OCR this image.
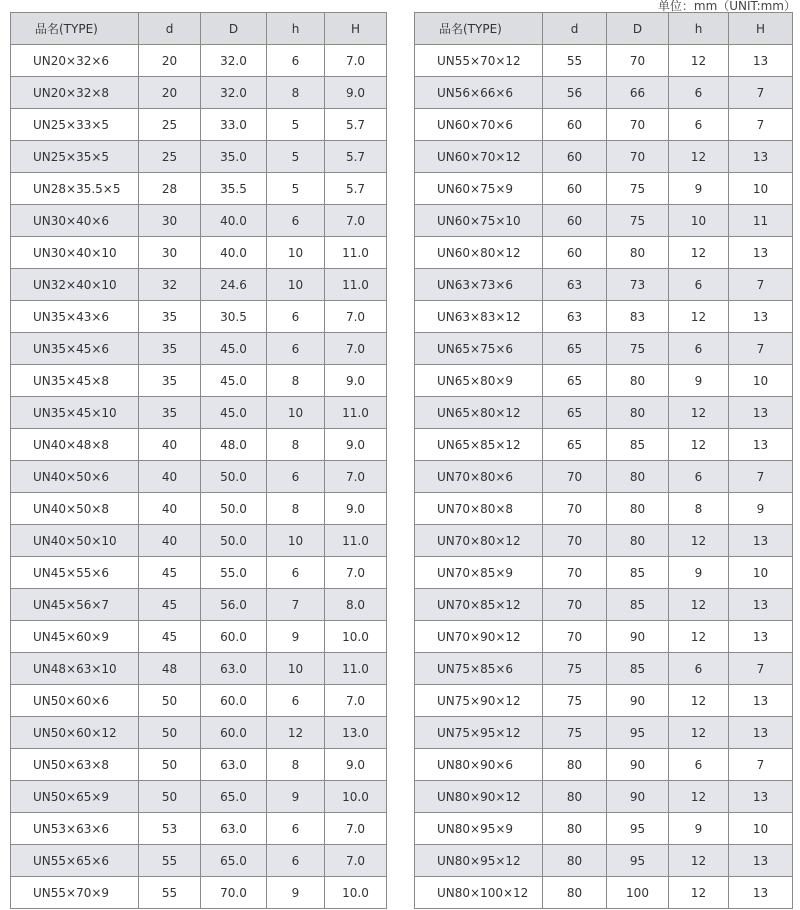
单位：mm（UNIT:mm）
品名(TYPE)	d	D	h	H
UN20×32×6	20	32.0	6	7.0
UN20×32×8	20	32.0	8	9.0
UN25×33×5	25	33.0	5	5.7
UN25×35×5	25	35.0	5	5.7
UN28×35.5×5	28	35.5	5	5.7
UN30×40×6	30	40.0	6	7.0
UN30×40×10	30	40.0	10	11.0
UN32×40×10	32	24.6	10	11.0
UN35×43×6	35	30.5	6	7.0
UN35×45×6	35	45.0	6	7.0
UN35×45×8	35	45.0	8	9.0
UN35×45×10	35	45.0	10	11.0
UN40×48×8	40	48.0	8	9.0
UN40×50×6	40	50.0	6	7.0
UN40×50×8	40	50.0	8	9.0
UN40×50×10	40	50.0	10	11.0
UN45×55×6	45	55.0	6	7.0
UN45×56×7	45	56.0	7	8.0
UN45×60×9	45	60.0	9	10.0
UN48×63×10	48	63.0	10	11.0
UN50×60×6	50	60.0	6	7.0
UN50×60×12	50	60.0	12	13.0
UN50×63×8	50	63.0	8	9.0
UN50×65×9	50	65.0	9	10.0
UN53×63×6	53	63.0	6	7.0
UN55×65×6	55	65.0	6	7.0
UN55×70×9	55	70.0	9	10.0
品名(TYPE)	d	D	h	H
UN55×70×12	55	70	12	13
UN56×66×6	56	66	6	7
UN60×70×6	60	70	6	7
UN60×70×12	60	70	12	13
UN60×75×9	60	75	9	10
UN60×75×10	60	75	10	11
UN60×80×12	60	80	12	13
UN63×73×6	63	73	6	7
UN63×83×12	63	83	12	13
UN65×75×6	65	75	6	7
UN65×80×9	65	80	9	10
UN65×80×12	65	80	12	13
UN65×85×12	65	85	12	13
UN70×80×6	70	80	6	7
UN70×80×8	70	80	8	9
UN70×80×12	70	80	12	13
UN70×85×9	70	85	9	10
UN70×85×12	70	85	12	13
UN70×90×12	70	90	12	13
UN75×85×6	75	85	6	7
UN75×90×12	75	90	12	13
UN75×95×12	75	95	12	13
UN80×90×6	80	90	6	7
UN80×90×12	80	90	12	13
UN80×95×9	80	95	9	10
UN80×95×12	80	95	12	13
UN80×100×12	80	100	12	13
